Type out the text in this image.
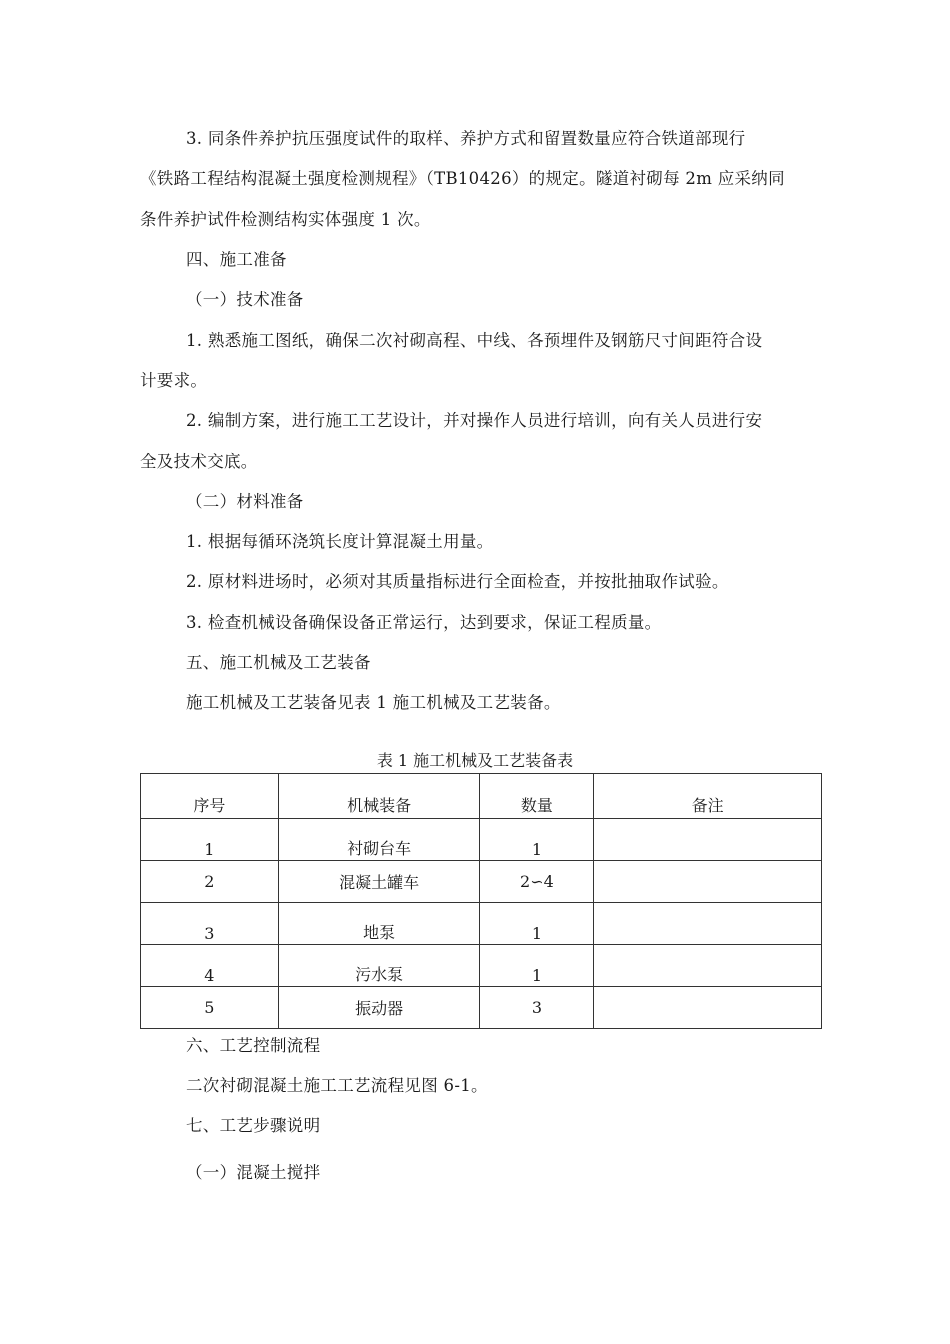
3. 同条件养护抗压强度试件的取样、养护方式和留置数量应符合铁道部现行
《铁路工程结构混凝土强度检测规程》（TB10426）的规定。隧道衬砌每 2m 应采纳同
条件养护试件检测结构实体强度 1 次。
四、施工准备
（一）技术准备
1. 熟悉施工图纸，确保二次衬砌高程、中线、各预埋件及钢筋尺寸间距符合设
计要求。
2. 编制方案，进行施工工艺设计，并对操作人员进行培训，向有关人员进行安
全及技术交底。
（二）材料准备
1. 根据每循环浇筑长度计算混凝土用量。
2. 原材料进场时，必须对其质量指标进行全面检查，并按批抽取作试验。
3. 检查机械设备确保设备正常运行，达到要求，保证工程质量。
五、施工机械及工艺装备
施工机械及工艺装备见表 1 施工机械及工艺装备。
表 1 施工机械及工艺装备表
序号	机械装备	数量	备注
1	衬砌台车	1	
2	混凝土罐车	2∽4	
3	地泵	1	
4	污水泵	1	
5	振动器	3	
六、工艺控制流程
二次衬砌混凝土施工工艺流程见图 6-1。
七、工艺步骤说明
（一）混凝土搅拌
